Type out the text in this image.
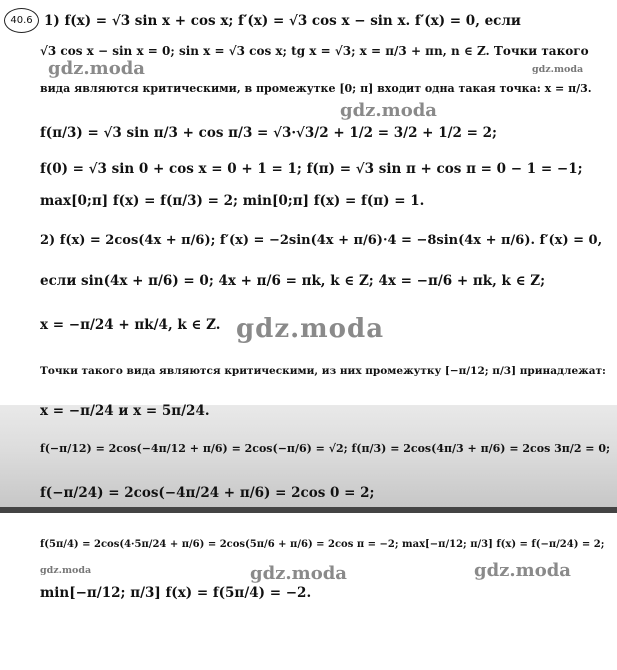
40.6 1) f(x) = √3 sin x + cos x; f′(x) = √3 cos x − sin x. f′(x) = 0, если
√3 cos x − sin x = 0; sin x = √3 cos x; tg x = √3; x = π/3 + πn, n ∈ Z. Точки такого
вида являются критическими, в промежутке [0; π] входит одна такая точка: x = π/3.
f(π/3) = √3 sin π/3 + cos π/3 = √3·√3/2 + 1/2 = 3/2 + 1/2 = 2;
f(0) = √3 sin 0 + cos x = 0 + 1 = 1; f(π) = √3 sin π + cos π = 0 − 1 = −1;
max[0;π] f(x) = f(π/3) = 2; min[0;π] f(x) = f(π) = 1.
2) f(x) = 2cos(4x + π/6); f′(x) = −2sin(4x + π/6)·4 = −8sin(4x + π/6). f′(x) = 0,
если sin(4x + π/6) = 0; 4x + π/6 = πk, k ∈ Z; 4x = −π/6 + πk, k ∈ Z;
x = −π/24 + πk/4, k ∈ Z.
Точки такого вида являются критическими, из них промежутку [−π/12; π/3] принадлежат:
x = −π/24 и x = 5π/24.
f(−π/12) = 2cos(−4π/12 + π/6) = 2cos(−π/6) = √2; f(π/3) = 2cos(4π/3 + π/6) = 2cos 3π/2 = 0;
f(−π/24) = 2cos(−4π/24 + π/6) = 2cos 0 = 2;
f(5π/4) = 2cos(4·5π/24 + π/6) = 2cos(5π/6 + π/6) = 2cos π = −2; max[−π/12; π/3] f(x) = f(−π/24) = 2;
min[−π/12; π/3] f(x) = f(5π/4) = −2.
gdz.moda	gdz.moda
gdz.moda
gdz.moda
gdz.moda	gdz.moda	gdz.moda
